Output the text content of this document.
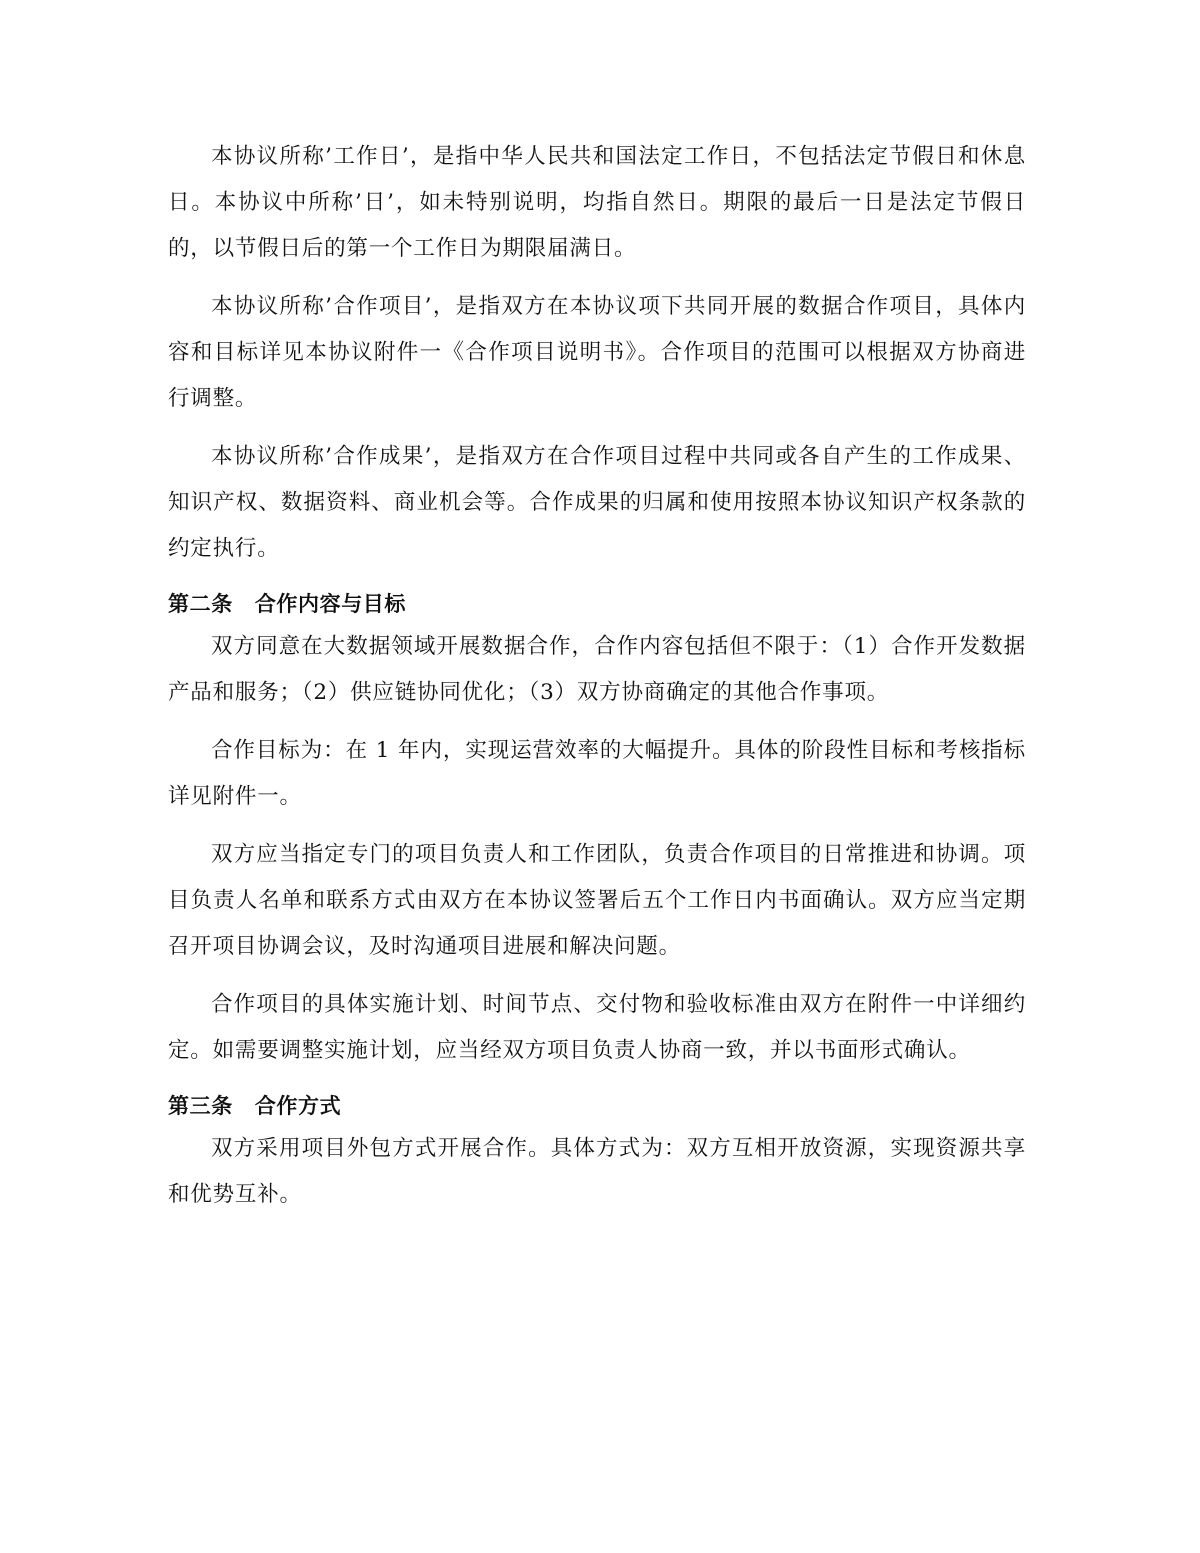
本协议所称’工作日’，是指中华人民共和国法定工作日，不包括法定节假日和休息日。本协议中所称’日’，如未特别说明，均指自然日。期限的最后一日是法定节假日的，以节假日后的第一个工作日为期限届满日。

本协议所称’合作项目’，是指双方在本协议项下共同开展的数据合作项目，具体内容和目标详见本协议附件一《合作项目说明书》。合作项目的范围可以根据双方协商进行调整。

本协议所称’合作成果’，是指双方在合作项目过程中共同或各自产生的工作成果、知识产权、数据资料、商业机会等。合作成果的归属和使用按照本协议知识产权条款的约定执行。

第二条 合作内容与目标

双方同意在大数据领域开展数据合作，合作内容包括但不限于：（1）合作开发数据产品和服务；（2）供应链协同优化；（3）双方协商确定的其他合作事项。

合作目标为：在 1 年内，实现运营效率的大幅提升。具体的阶段性目标和考核指标详见附件一。

双方应当指定专门的项目负责人和工作团队，负责合作项目的日常推进和协调。项目负责人名单和联系方式由双方在本协议签署后五个工作日内书面确认。双方应当定期召开项目协调会议，及时沟通项目进展和解决问题。

合作项目的具体实施计划、时间节点、交付物和验收标准由双方在附件一中详细约定。如需要调整实施计划，应当经双方项目负责人协商一致，并以书面形式确认。

第三条 合作方式

双方采用项目外包方式开展合作。具体方式为：双方互相开放资源，实现资源共享和优势互补。
